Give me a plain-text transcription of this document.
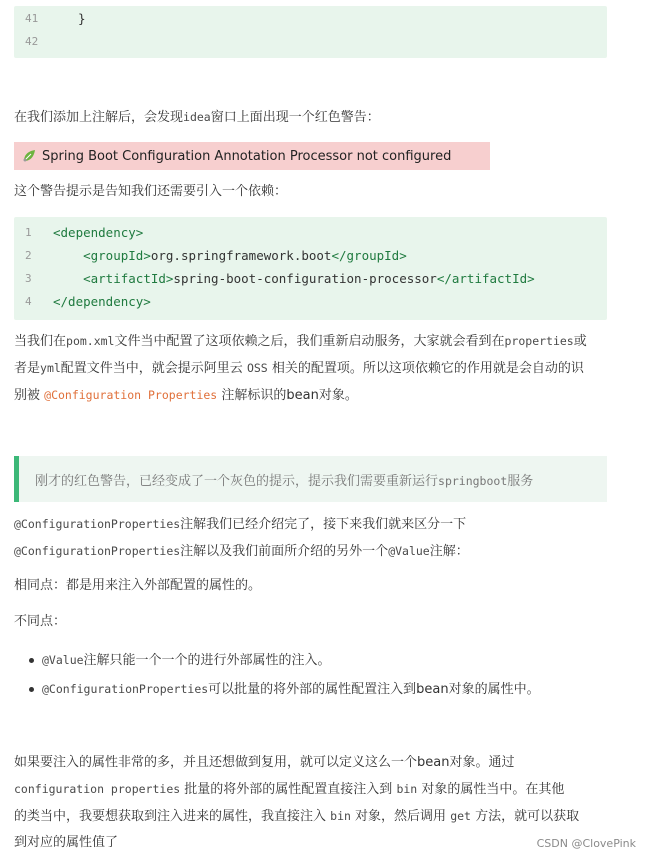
41	}
42
在我们添加上注解后，会发现idea窗口上面出现一个红色警告：
Spring Boot Configuration Annotation Processor not configured
这个警告提示是告知我们还需要引入一个依赖：
1	<dependency>
2	<groupId>org.springframework.boot</groupId>
3	<artifactId>spring-boot-configuration-processor</artifactId>
4	</dependency>
当我们在pom.xml文件当中配置了这项依赖之后，我们重新启动服务，大家就会看到在properties或
者是yml配置文件当中，就会提示阿里云 OSS 相关的配置项。所以这项依赖它的作用就是会自动的识
别被 @Configuration Properties 注解标识的bean对象。
刚才的红色警告，已经变成了一个灰色的提示，提示我们需要重新运行springboot服务
@ConfigurationProperties注解我们已经介绍完了，接下来我们就来区分一下
@ConfigurationProperties注解以及我们前面所介绍的另外一个@Value注解：
相同点：都是用来注入外部配置的属性的。
不同点：
@Value注解只能一个一个的进行外部属性的注入。
@ConfigurationProperties可以批量的将外部的属性配置注入到bean对象的属性中。
如果要注入的属性非常的多，并且还想做到复用，就可以定义这么一个bean对象。通过
configuration properties 批量的将外部的属性配置直接注入到 bin 对象的属性当中。在其他
的类当中，我要想获取到注入进来的属性，我直接注入 bin 对象，然后调用 get 方法，就可以获取
到对应的属性值了	CSDN @ClovePink
